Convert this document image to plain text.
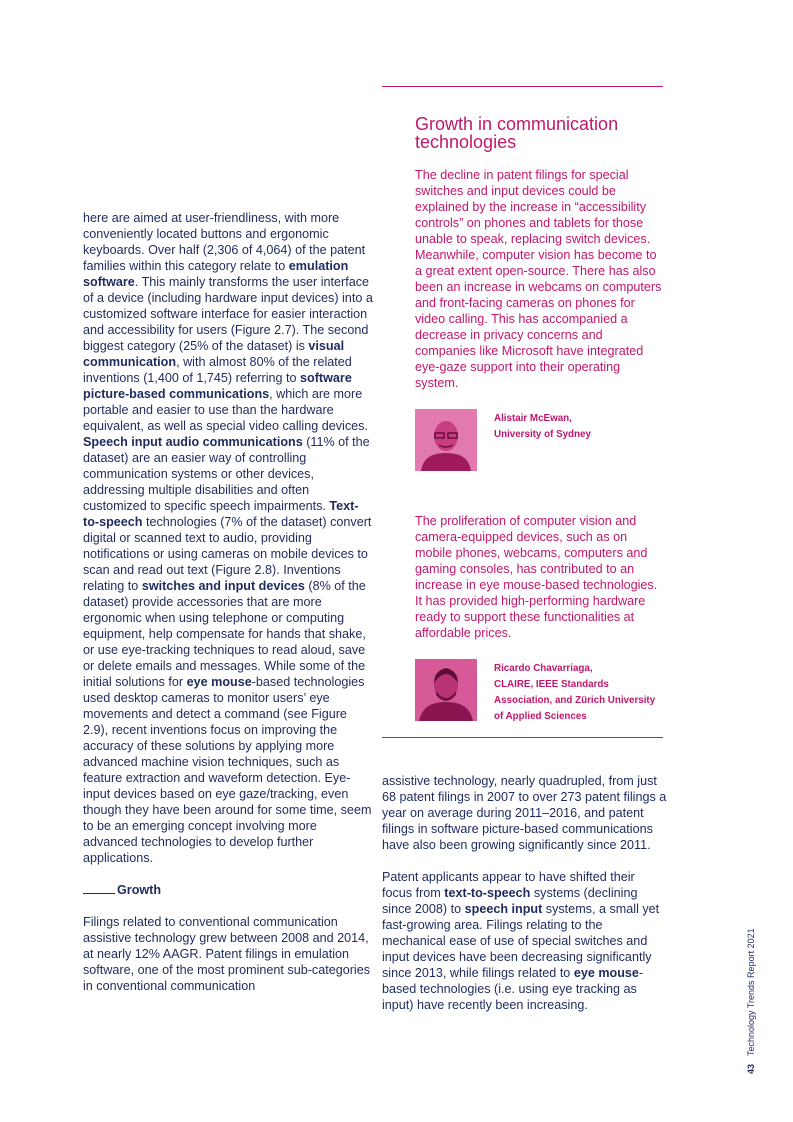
here are aimed at user-friendliness, with more conveniently located buttons and ergonomic keyboards. Over half (2,306 of 4,064) of the patent families within this category relate to emulation software. This mainly transforms the user interface of a device (including hardware input devices) into a customized software interface for easier interaction and accessibility for users (Figure 2.7). The second biggest category (25% of the dataset) is visual communication, with almost 80% of the related inventions (1,400 of 1,745) referring to software picture-based communications, which are more portable and easier to use than the hardware equivalent, as well as special video calling devices. Speech input audio communications (11% of the dataset) are an easier way of controlling communication systems or other devices, addressing multiple disabilities and often customized to specific speech impairments. Text-to-speech technologies (7% of the dataset) convert digital or scanned text to audio, providing notifications or using cameras on mobile devices to scan and read out text (Figure 2.8). Inventions relating to switches and input devices (8% of the dataset) provide accessories that are more ergonomic when using telephone or computing equipment, help compensate for hands that shake, or use eye-tracking techniques to read aloud, save or delete emails and messages. While some of the initial solutions for eye mouse-based technologies used desktop cameras to monitor users’ eye movements and detect a command (see Figure 2.9), recent inventions focus on improving the accuracy of these solutions by applying more advanced machine vision techniques, such as feature extraction and waveform detection. Eye-input devices based on eye gaze/tracking, even though they have been around for some time, seem to be an emerging concept involving more advanced technologies to develop further applications.

Growth

Filings related to conventional communication assistive technology grew between 2008 and 2014, at nearly 12% AAGR. Patent filings in emulation software, one of the most prominent sub-categories in conventional communication

Growth in communication technologies

The decline in patent filings for special switches and input devices could be explained by the increase in “accessibility controls” on phones and tablets for those unable to speak, replacing switch devices. Meanwhile, computer vision has become to a great extent open-source. There has also been an increase in webcams on computers and front-facing cameras on phones for video calling. This has accompanied a decrease in privacy concerns and companies like Microsoft have integrated eye-gaze support into their operating system.

Alistair McEwan,
University of Sydney

The proliferation of computer vision and camera-equipped devices, such as on mobile phones, webcams, computers and gaming consoles, has contributed to an increase in eye mouse-based technologies. It has provided high-performing hardware ready to support these functionalities at affordable prices.

Ricardo Chavarriaga,
CLAIRE, IEEE Standards
Association, and Zürich University
of Applied Sciences

assistive technology, nearly quadrupled, from just 68 patent filings in 2007 to over 273 patent filings a year on average during 2011–2016, and patent filings in software picture-based communications have also been growing significantly since 2011.

Patent applicants appear to have shifted their focus from text-to-speech systems (declining since 2008) to speech input systems, a small yet fast-growing area. Filings relating to the mechanical ease of use of special switches and input devices have been decreasing significantly since 2013, while filings related to eye mouse-based technologies (i.e. using eye tracking as input) have recently been increasing.

43Technology Trends Report 2021
